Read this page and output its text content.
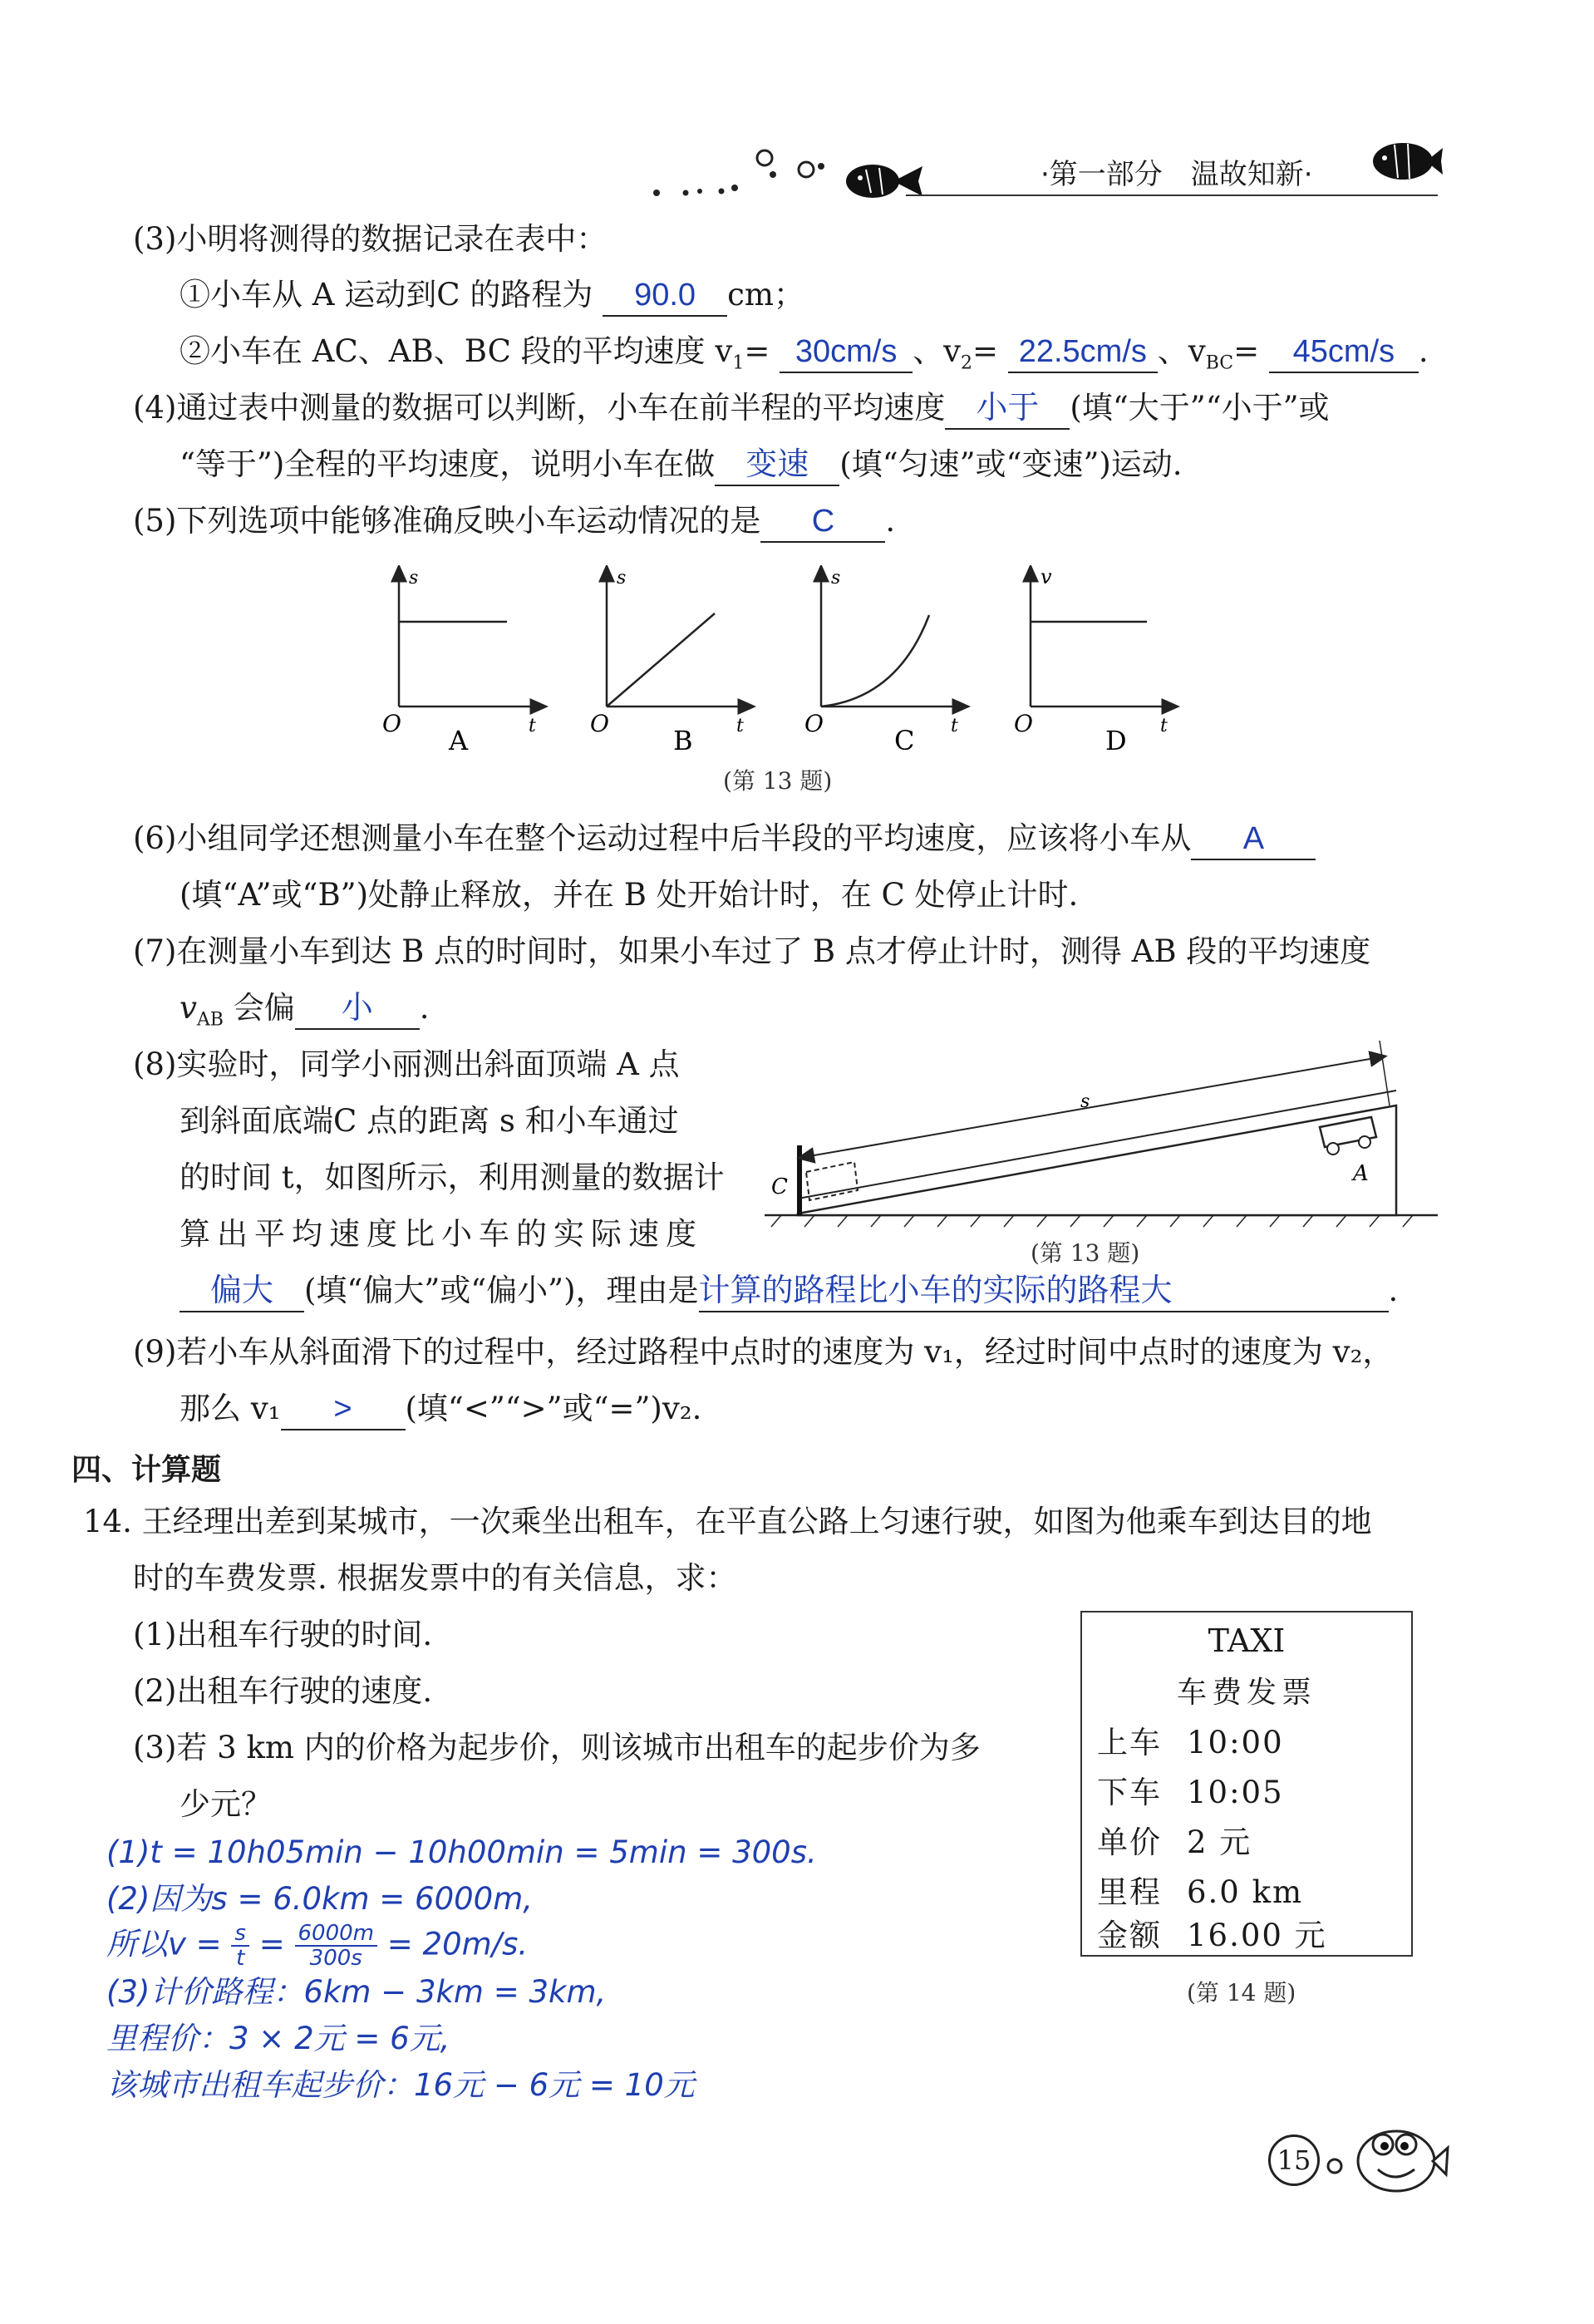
·第一部分　温故知新·
(3)小明将测得的数据记录在表中：
①小车从 A 运动到C 的路程为 90.0 cm；
②小车在 AC、AB、BC 段的平均速度 $v_1= 30cm/s$ 、$v_2= 22.5cm/s$ 、$v_{BC}= 45cm/s$ .
(4)通过表中测量的数据可以判断，小车在前半程的平均速度 小于 (填“大于”“小于”或
“等于”)全程的平均速度，说明小车在做 变速 (填“匀速”或“变速”)运动.
(5)下列选项中能够准确反映小车运动情况的是 C .
O
s
t
A
O
s
t
B
O
s
t
C
O
v
t
D
(第 13 题)
(6)小组同学还想测量小车在整个运动过程中后半段的平均速度，应该将小车从 A
(填“A”或“B”)处静止释放，并在 B 处开始计时，在 C 处停止计时.
(7)在测量小车到达 B 点的时间时，如果小车过了 B 点才停止计时，测得 AB 段的平均速度
$v_{AB}$ 会偏 小 .
(8)实验时，同学小丽测出斜面顶端 A 点
到斜面底端C 点的距离 s 和小车通过
的时间 t，如图所示，利用测量的数据计
算出平均速度比小车的实际速度
s
A
C
(第 13 题)
偏大 (填“偏大”或“偏小”)，理由是计算的路程比小车的实际的路程大	.
(9)若小车从斜面滑下的过程中，经过路程中点时的速度为 v₁，经过时间中点时的速度为 v₂，
那么 v₁ > (填“<”“>”或“=”)v₂.
四、计算题
14. 王经理出差到某城市，一次乘坐出租车，在平直公路上匀速行驶，如图为他乘车到达目的地
时的车费发票. 根据发票中的有关信息，求：
(1)出租车行驶的时间.
(2)出租车行驶的速度.
(3)若 3 km 内的价格为起步价，则该城市出租车的起步价为多
少元？
(1)t = 10h05min − 10h00min = 5min = 300s.
(2)因为s = 6.0km = 6000m,
所以$v = \frac{s}{t} = \frac{6000m}{300s} = 20m/s$.
(3)计价路程：6km − 3km = 3km,
里程价：3 × 2元 = 6元,
该城市出租车起步价：16元 − 6元 = 10元
TAXI
车费发票
上车 10:00
下车 10:05
单价 2 元
里程 6.0 km
金额 16.00 元
(第 14 题)
15
